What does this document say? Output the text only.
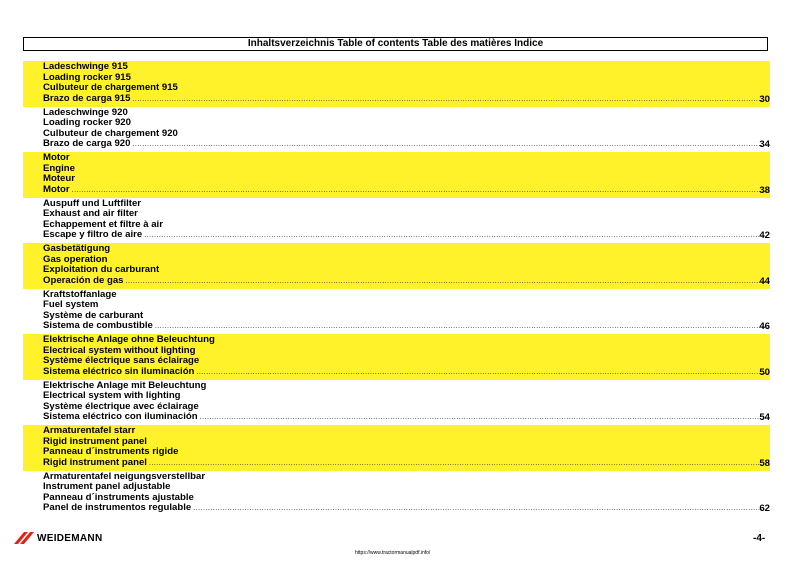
Inhaltsverzeichnis Table of contents Table des matières Índice
Ladeschwinge 915
Loading rocker 915
Culbuteur de chargement 915
Brazo de carga 915 .....	30
Ladeschwinge 920
Loading rocker 920
Culbuteur de chargement 920
Brazo de carga 920 .....	34
Motor
Engine
Moteur
Motor .....	38
Auspuff und Luftfilter
Exhaust and air filter
Echappement et filtre à air
Escape y filtro de aire .....	42
Gasbetätigung
Gas operation
Exploitation du carburant
Operación de gas .....	44
Kraftstoffanlage
Fuel system
Système de carburant
Sistema de combustible .....	46
Elektrische Anlage ohne Beleuchtung
Electrical system without lighting
Système électrique sans éclairage
Sistema eléctrico sin iluminación .....	50
Elektrische Anlage mit Beleuchtung
Electrical system with lighting
Système électrique avec éclairage
Sistema eléctrico con iluminación .....	54
Armaturentafel starr
Rigid instrument panel
Panneau d´instruments rigide
Rigid instrument panel .....	58
Armaturentafel neigungsverstellbar
Instrument panel adjustable
Panneau d´instruments ajustable
Panel de instrumentos regulable .....	62
WEIDEMANN	-4-
https://www.tractormanualpdf.info/
